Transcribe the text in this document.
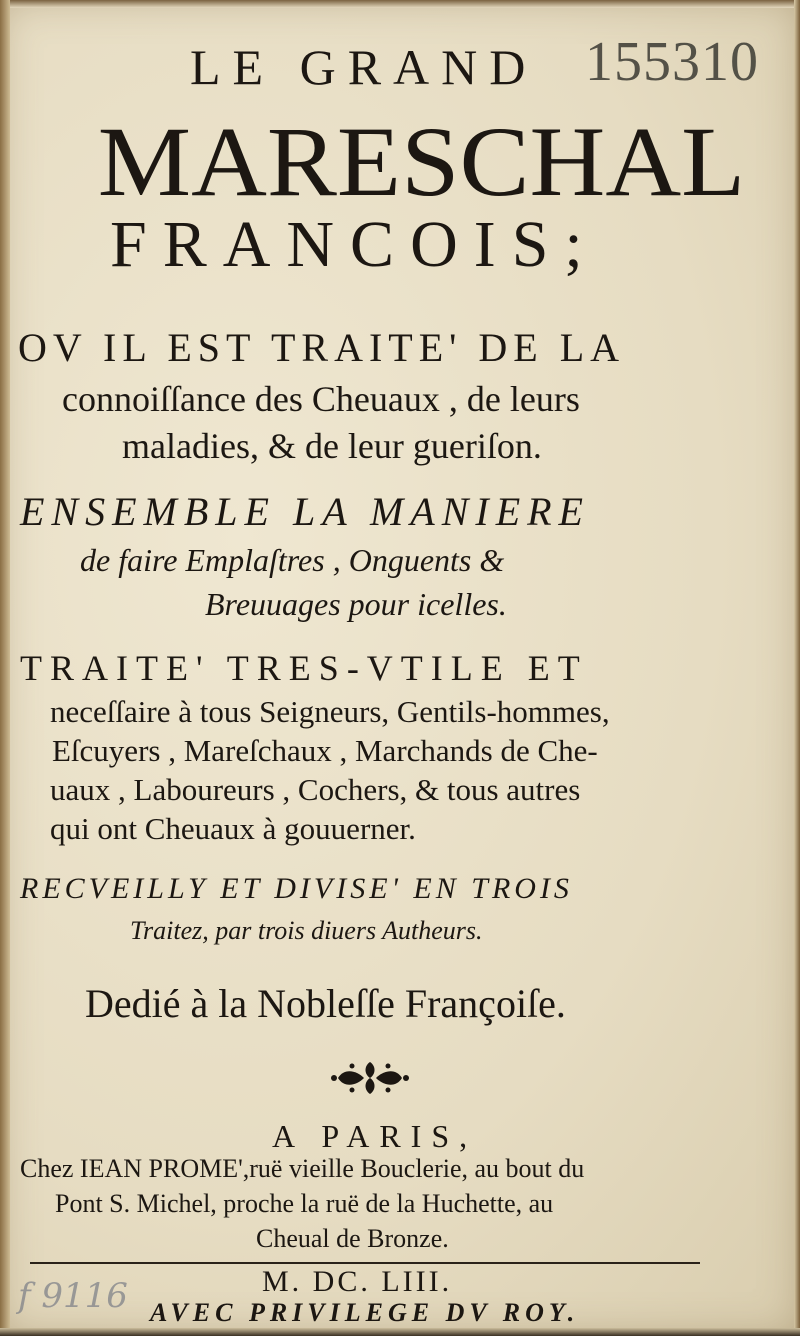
LE GRAND 155310
MARESCHAL
FRANCOIS;
OV IL EST TRAITE' DE LA
connoiſſance des Cheuaux , de leurs
maladies, & de leur gueriſon.
ENSEMBLE LA MANIERE
de faire Emplaſtres , Onguents &
Breuuages pour icelles.
TRAITE' TRES-VTILE ET
neceſſaire à tous Seigneurs, Gentils-hommes,
Eſcuyers , Mareſchaux , Marchands de Che-
uaux , Laboureurs , Cochers, & tous autres
qui ont Cheuaux à gouuerner.
RECVEILLY ET DIVISE' EN TROIS
Traitez, par trois diuers Autheurs.
Dedié à la Nobleſſe Françoiſe.
A PARIS,
Chez IEAN PROME',ruë vieille Bouclerie, au bout du
Pont S. Michel, proche la ruë de la Huchette, au
Cheual de Bronze.
M. DC. LIII.
AVEC PRIVILEGE DV ROY.
f 9116
